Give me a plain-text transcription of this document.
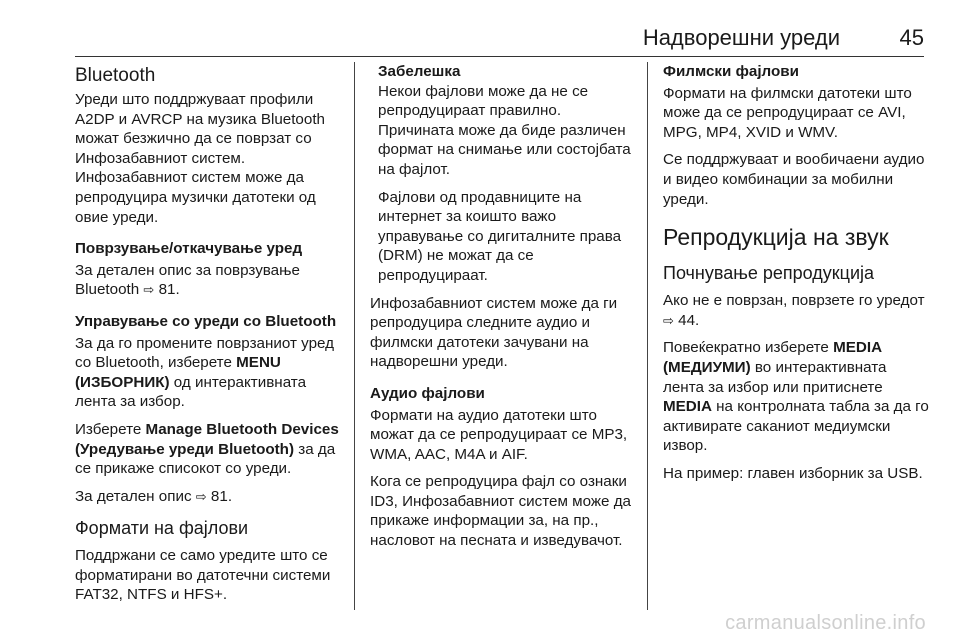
Надворешни уреди	45
Bluetooth

Уреди што поддржуваат профили A2DP и AVRCP на музика Bluetooth можат безжично да се поврзат со Инфозабавниот систем. Инфозабавниот систем може да репродуцира музички датотеки од овие уреди.

Поврзување/откачување уред

За детален опис за поврзување Bluetooth ⇨ 81.

Управување со уреди со Bluetooth

За да го промените поврзаниот уред со Bluetooth, изберете MENU (ИЗБОРНИК) од интерактивната лента за избор.

Изберете Manage Bluetooth Devices (Уредување уреди Bluetooth) за да се прикаже списокот со уреди.

За детален опис ⇨ 81.

Формати на фајлови

Поддржани се само уредите што се форматирани во датотечни системи FAT32, NTFS и HFS+.

Забелешка

Некои фајлови може да не се репродуцираат правилно. Причината може да биде различен формат на снимање или состојбата на фајлот.

Фајлови од продавниците на интернет за коишто важо управување со дигиталните права (DRM) не можат да се репродуцираат.

Инфозабавниот систем може да ги репродуцира следните аудио и филмски датотеки зачувани на надворешни уреди.

Аудио фајлови

Формати на аудио датотеки што можат да се репродуцираат се MP3, WMA, AAC, M4A и AIF.

Кога се репродуцира фајл со ознаки ID3, Инфозабавниот систем може да прикаже информации за, на пр., насловот на песната и изведувачот.

Филмски фајлови

Формати на филмски датотеки што може да се репродуцираат се AVI, MPG, MP4, XVID и WMV.

Се поддржуваат и вообичаени аудио и видео комбинации за мобилни уреди.

Репродукција на звук
Почнување репродукција

Ако не е поврзан, поврзете го уредот ⇨ 44.

Повеќекратно изберете MEDIA (МЕДИУМИ) во интерактивната лента за избор или притиснете MEDIA на контролната табла за да го активирате саканиот медиумски извор.

На пример: главен изборник за USB.

carmanualsonline.info
